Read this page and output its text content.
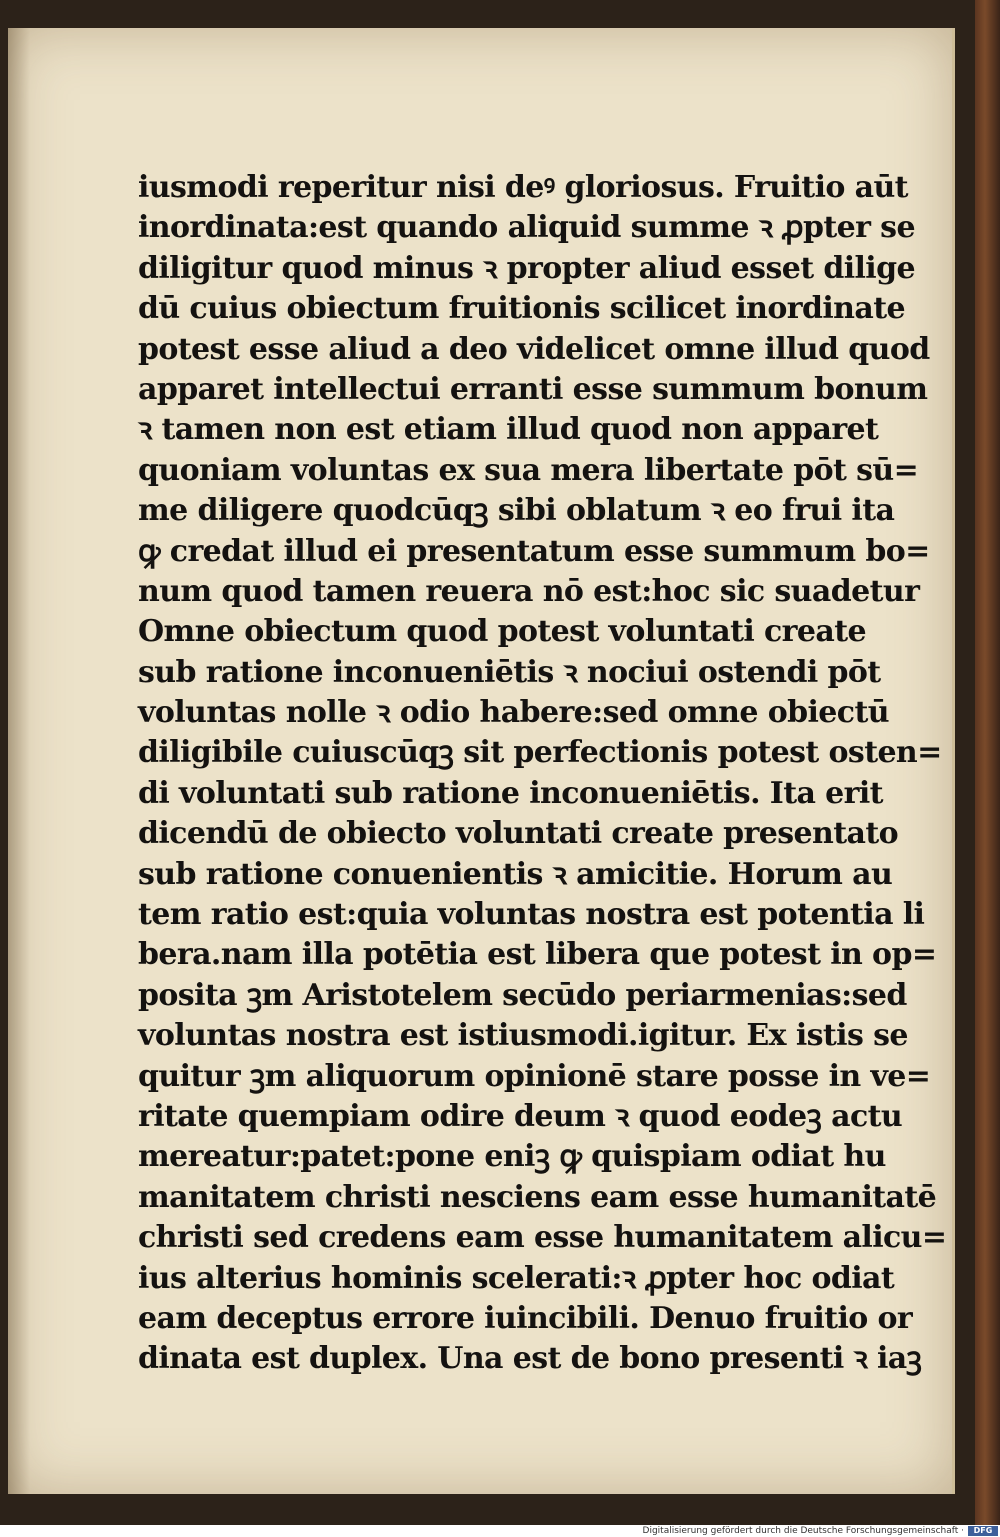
iusmodi reperitur nisi deꝰ gloriosus. Fruitio aūt
inordinata:est quando aliquid summe ꝛ ꝓpter se
diligitur quod minus ꝛ propter aliud esset dilige
dū cuius obiectum fruitionis scilicet inordinate
potest esse aliud a deo videlicet omne illud quod
apparet intellectui erranti esse summum bonum
ꝛ tamen non est etiam illud quod non apparet
quoniam voluntas ex sua mera libertate pōt sū=
me diligere quodcūqꝫ sibi oblatum ꝛ eo frui ita
ꝙ credat illud ei presentatum esse summum bo=
num quod tamen reuera nō est:hoc sic suadetur
Omne obiectum quod potest voluntati create
sub ratione inconueniētis ꝛ nociui ostendi pōt
voluntas nolle ꝛ odio habere:sed omne obiectū
diligibile cuiuscūqꝫ sit perfectionis potest osten=
di voluntati sub ratione inconueniētis. Ita erit
dicendū de obiecto voluntati create presentato
sub ratione conuenientis ꝛ amicitie. Horum au
tem ratio est:quia voluntas nostra est potentia li
bera.nam illa potētia est libera que potest in op=
posita ꝫm Aristotelem secūdo periarmenias:sed
voluntas nostra est istiusmodi.igitur. Ex istis se
quitur ꝫm aliquorum opinionē stare posse in ve=
ritate quempiam odire deum ꝛ quod eodeꝫ actu
mereatur:patet:pone eniꝫ ꝙ quispiam odiat hu
manitatem christi nesciens eam esse humanitatē
christi sed credens eam esse humanitatem alicu=
ius alterius hominis scelerati:ꝛ ꝓpter hoc odiat
eam deceptus errore iuincibili. Denuo fruitio or
dinata est duplex. Una est de bono presenti ꝛ iaꝫ
Digitalisierung gefördert durch die Deutsche Forschungsgemeinschaft ·	DFG
